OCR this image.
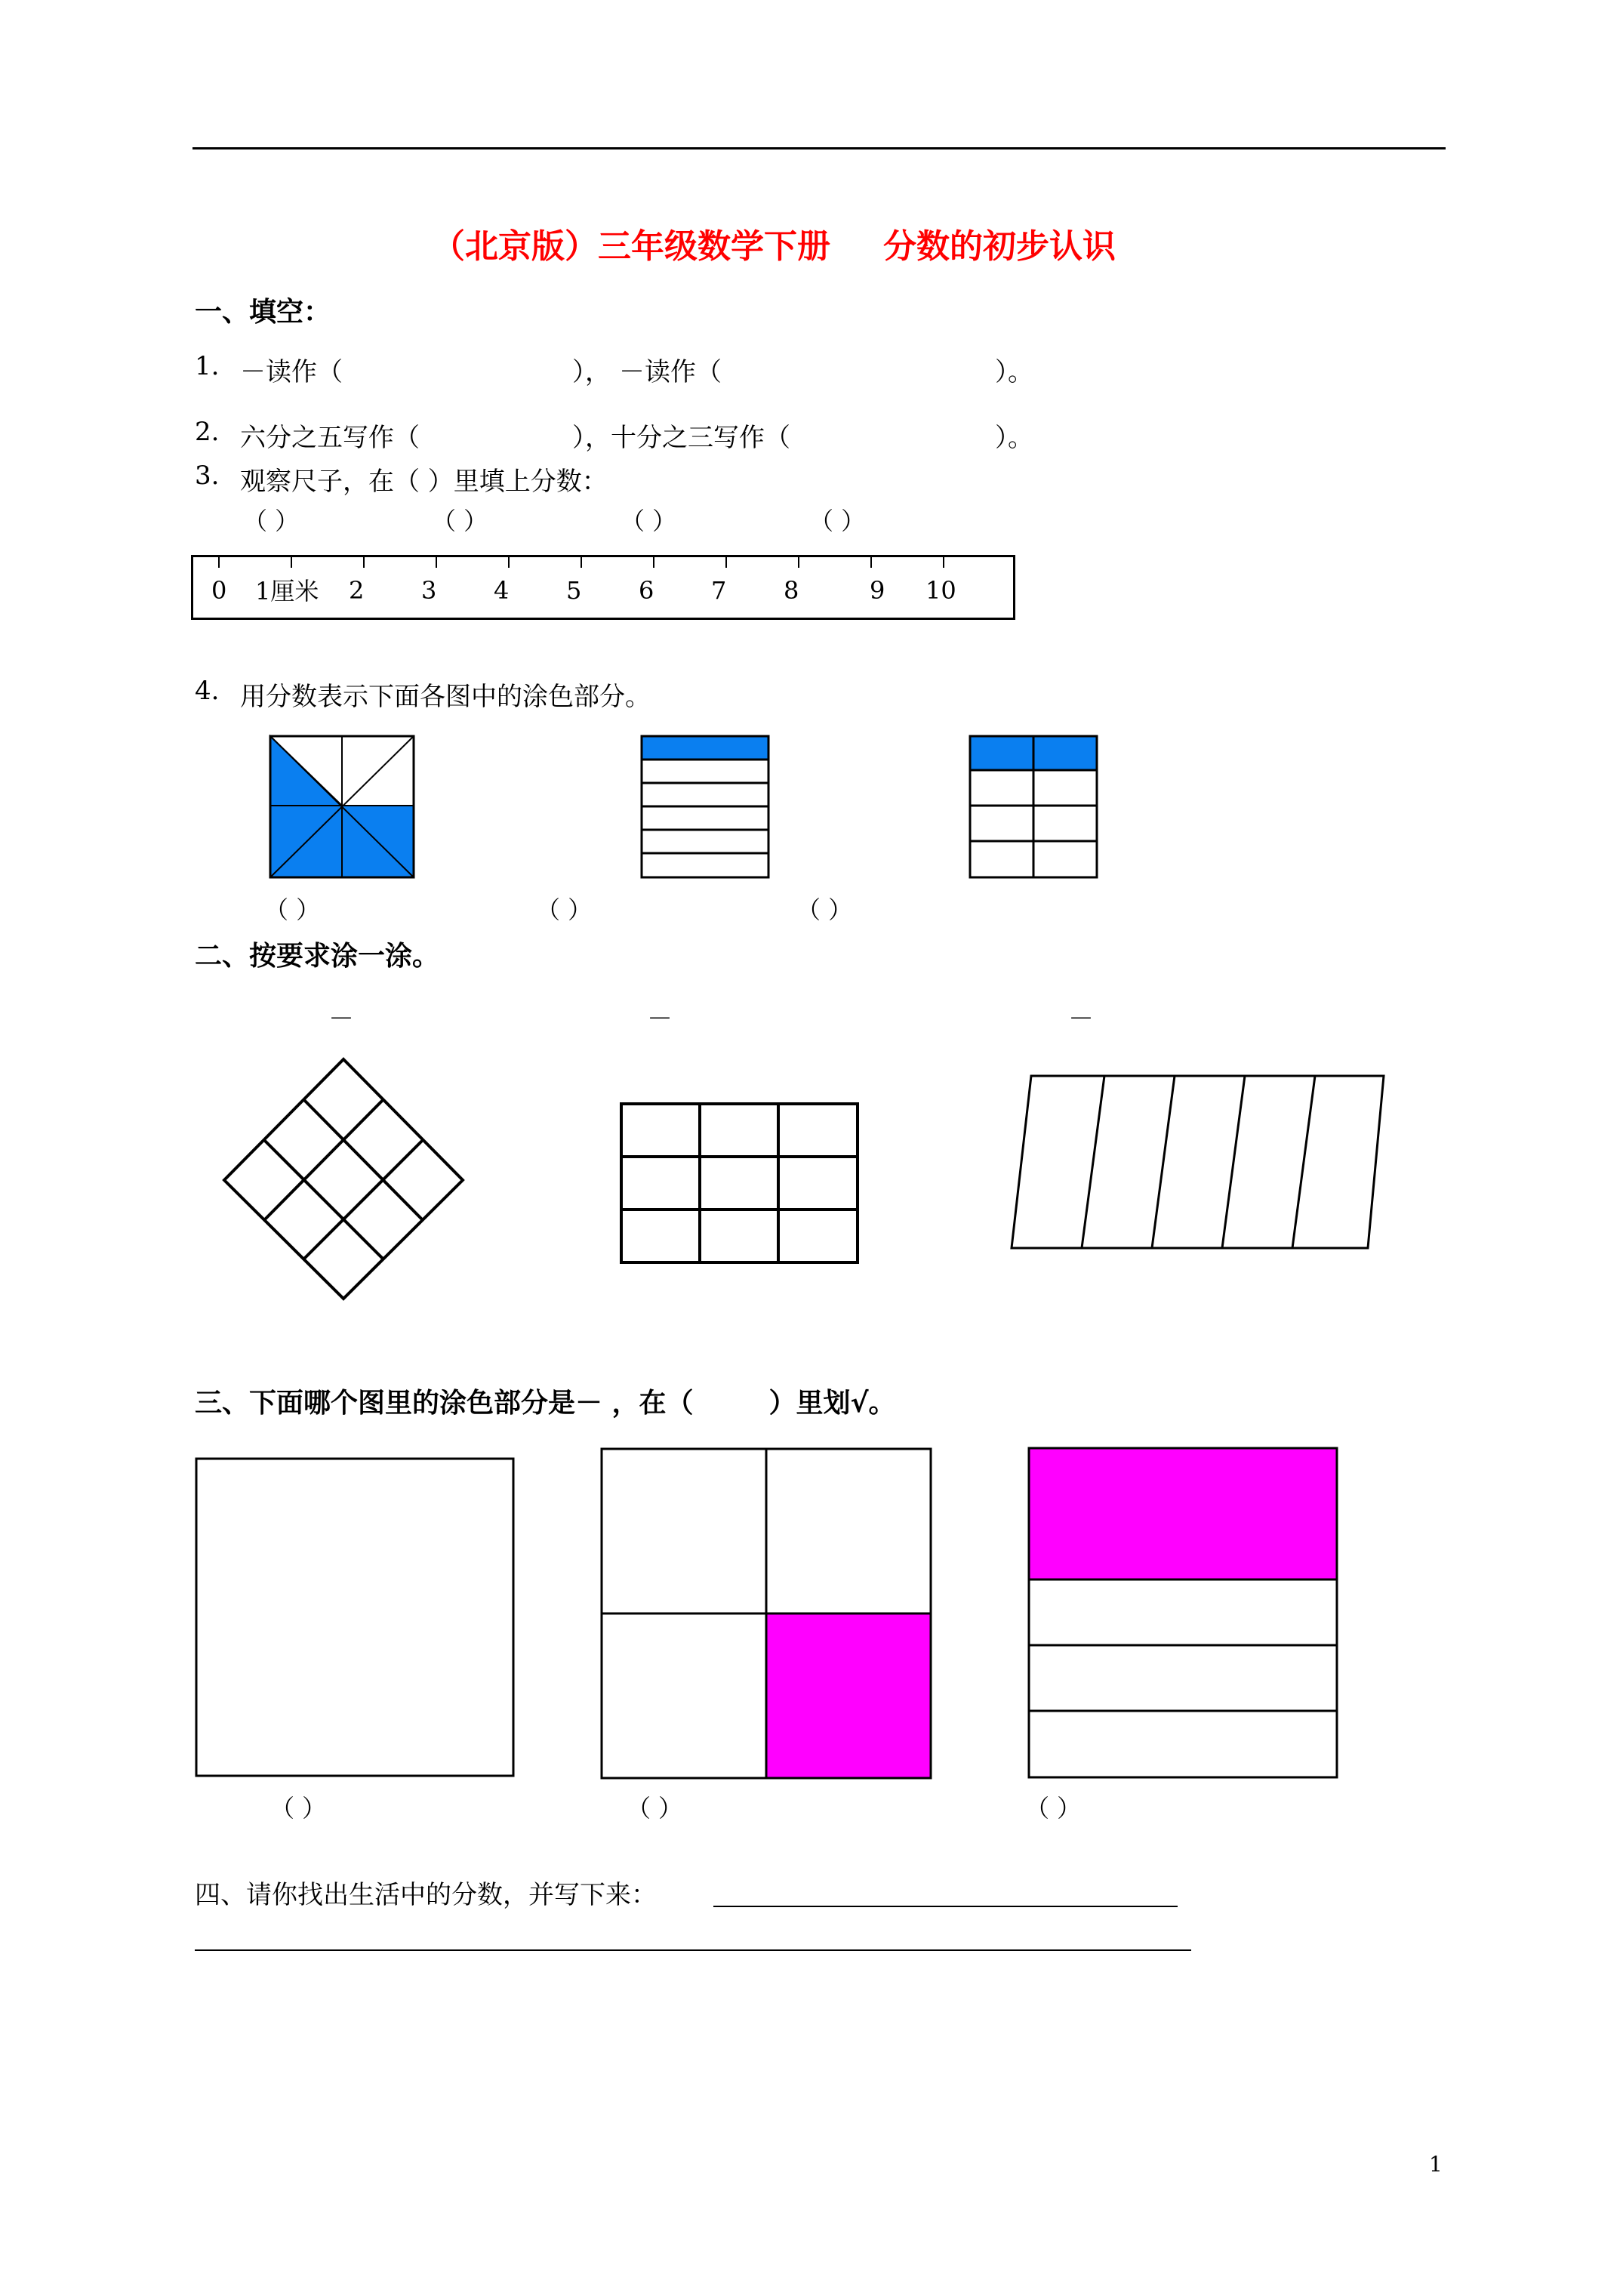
（北京版）三年级数学下册 分数的初步认识
一、填空：
1. －读作（	）， －读作（	）。
2. 六分之五写作（	），十分之三写作（	）。
3. 观察尺子，在（ ）里填上分数：
（ ）	（ ）	（ ）	（ ）
0 1厘米 2 3 4 5 6 7 8	9 10
4. 用分数表示下面各图中的涂色部分。
（ ）	（ ）	（ ）
二、按要求涂一涂。
－	－	－
三、下面哪个图里的涂色部分是－ ，在（	）里划√。
（ ）	（ ）	（ ）
四、请你找出生活中的分数，并写下来：
1
